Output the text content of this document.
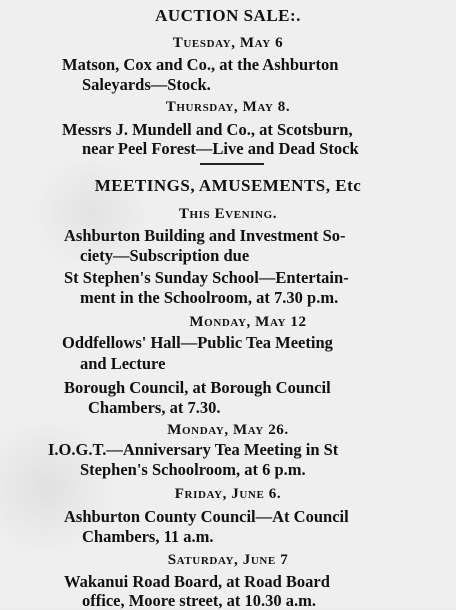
AUCTION SALE:.
Tuesday, May 6
Matson, Cox and Co., at the Ashburton
Saleyards—Stock.
Thursday, May 8.
Messrs J. Mundell and Co., at Scotsburn,
near Peel Forest—Live and Dead Stock
MEETINGS, AMUSEMENTS, Etc
This Evening.
Ashburton Building and Investment So-
ciety—Subscription due
St Stephen's Sunday School—Entertain-
ment in the Schoolroom, at 7.30 p.m.
Monday, May 12
Oddfellows' Hall—Public Tea Meeting
and Lecture
Borough Council, at Borough Council
Chambers, at 7.30.
Monday, May 26.
I.O.G.T.—Anniversary Tea Meeting in St
Stephen's Schoolroom, at 6 p.m.
Friday, June 6.
Ashburton County Council—At Council
Chambers, 11 a.m.
Saturday, June 7
Wakanui Road Board, at Road Board
office, Moore street, at 10.30 a.m.
